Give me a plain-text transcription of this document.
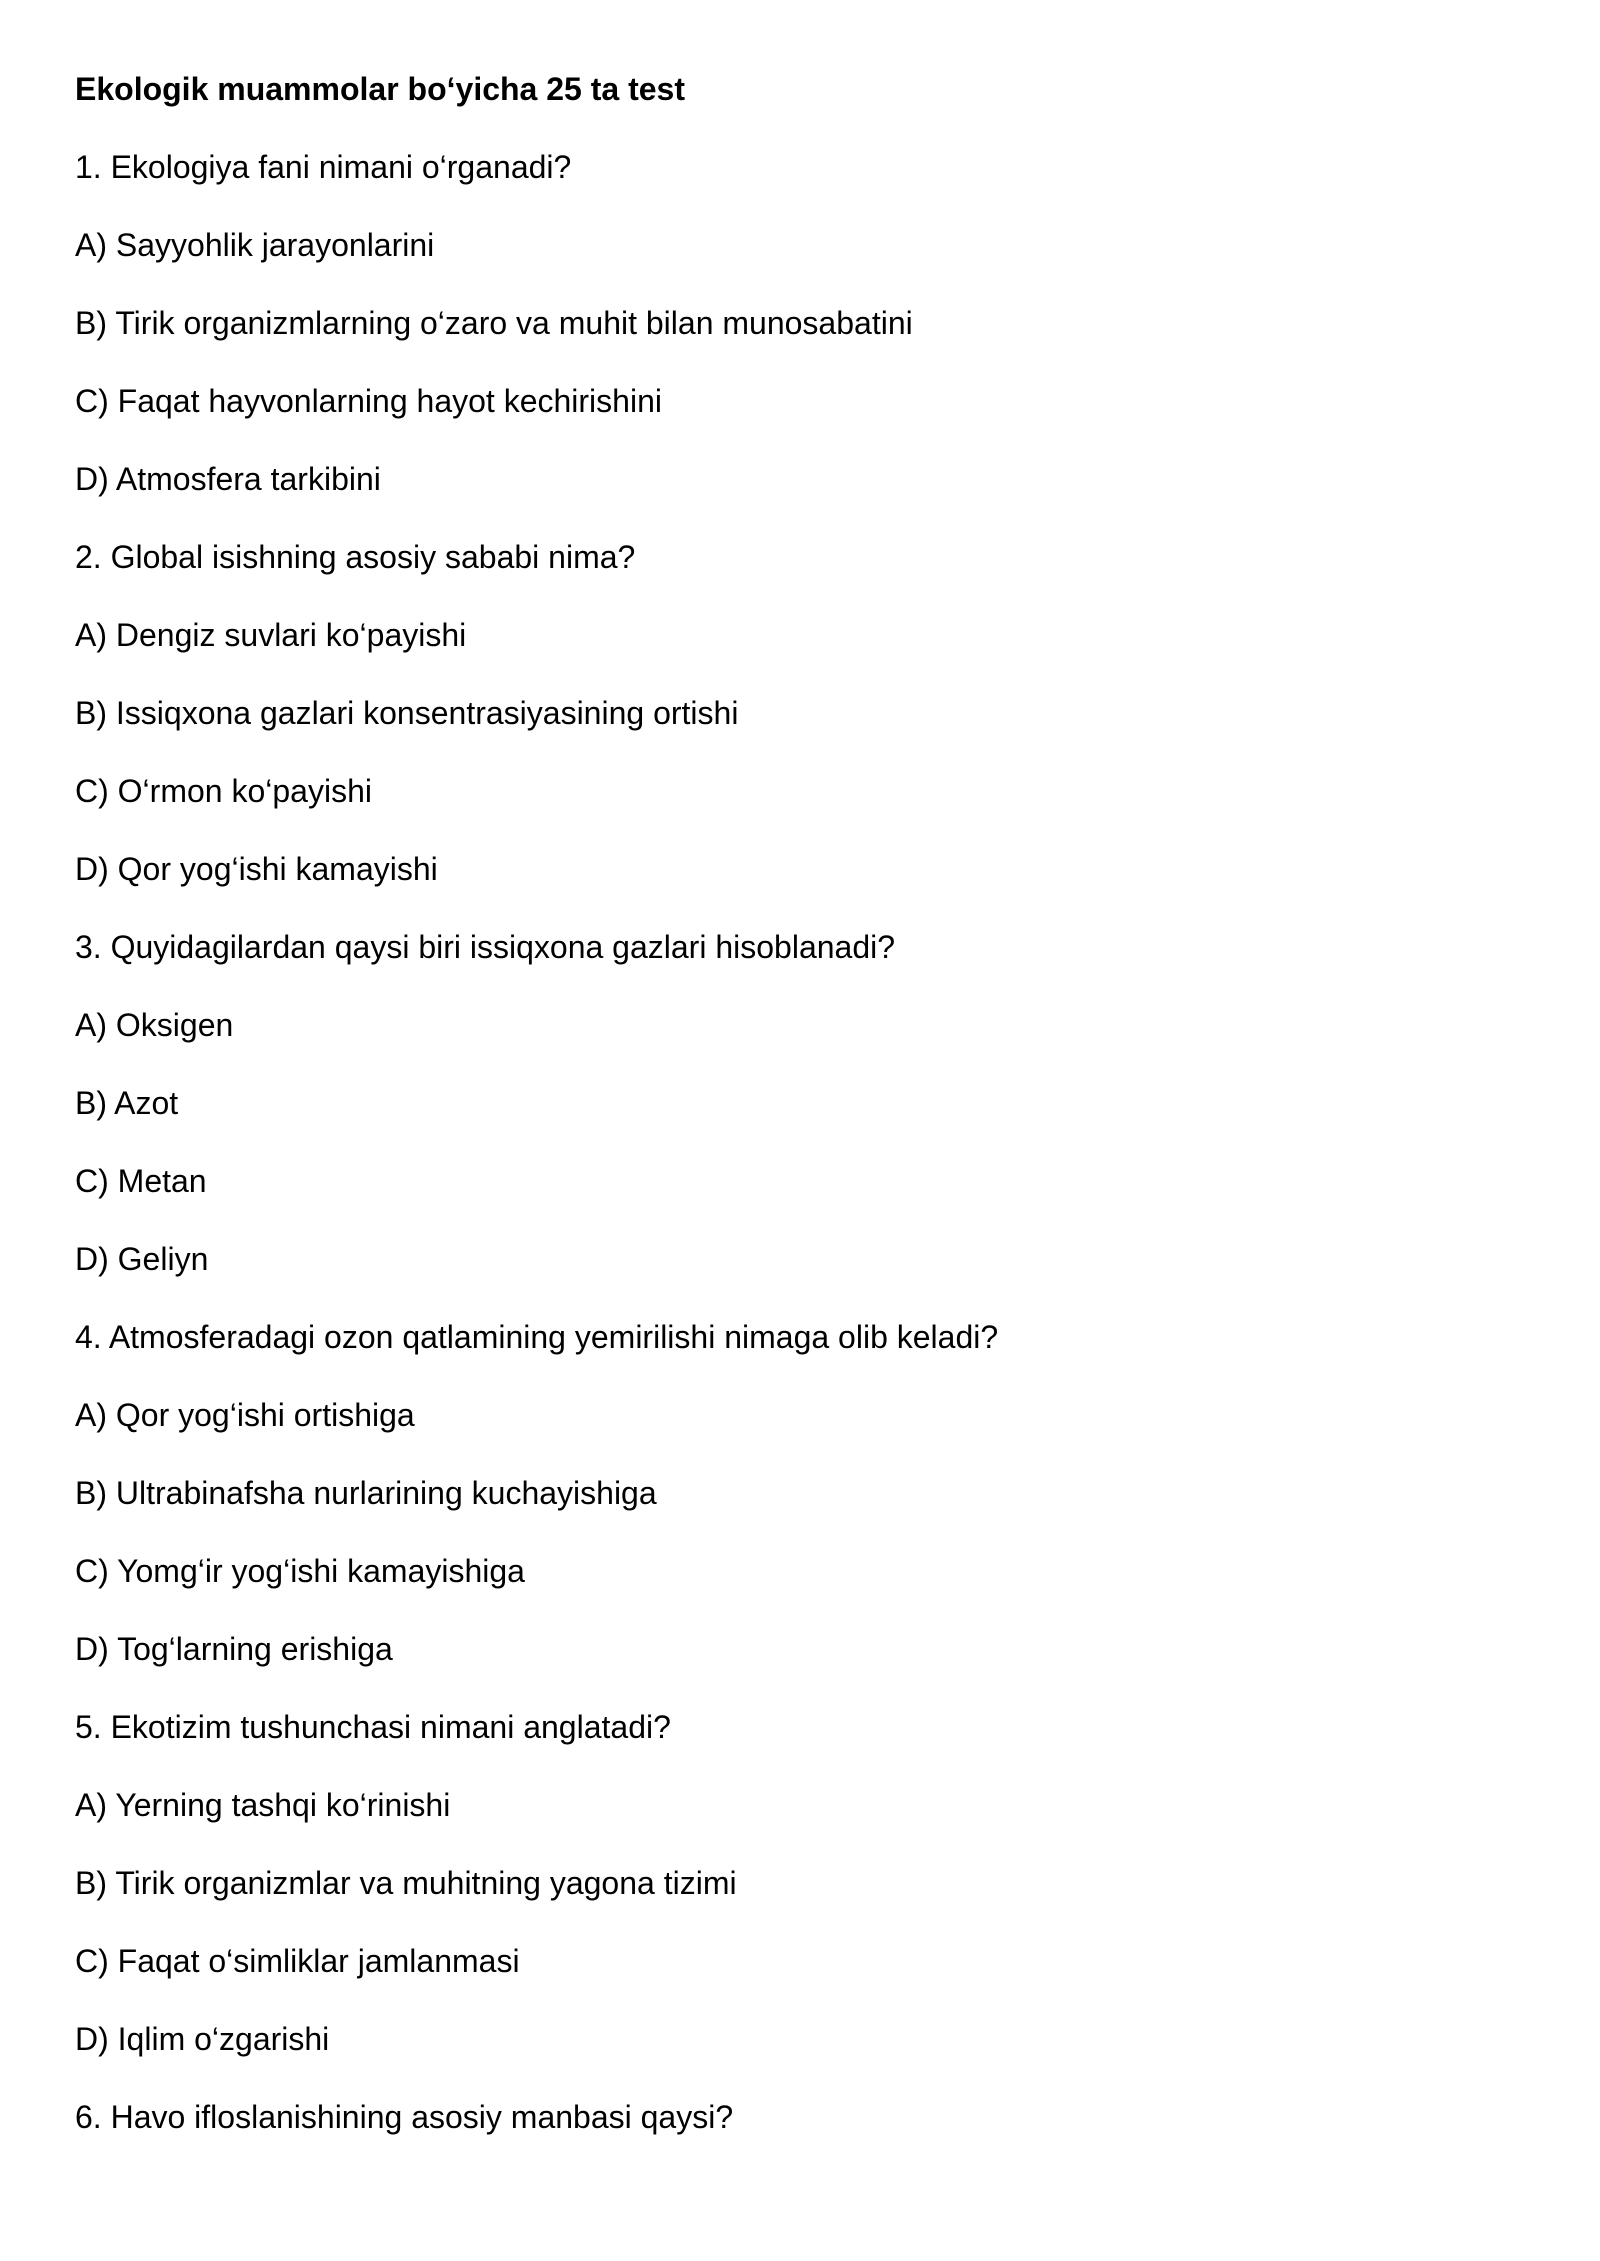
Ekologik muammolar bo‘yicha 25 ta test
1. Ekologiya fani nimani o‘rganadi?
A) Sayyohlik jarayonlarini
B) Tirik organizmlarning o‘zaro va muhit bilan munosabatini
C) Faqat hayvonlarning hayot kechirishini
D) Atmosfera tarkibini
2. Global isishning asosiy sababi nima?
A) Dengiz suvlari ko‘payishi
B) Issiqxona gazlari konsentrasiyasining ortishi
C) O‘rmon ko‘payishi
D) Qor yog‘ishi kamayishi
3. Quyidagilardan qaysi biri issiqxona gazlari hisoblanadi?
A) Oksigen
B) Azot
C) Metan
D) Geliyn
4. Atmosferadagi ozon qatlamining yemirilishi nimaga olib keladi?
A) Qor yog‘ishi ortishiga
B) Ultrabinafsha nurlarining kuchayishiga
C) Yomg‘ir yog‘ishi kamayishiga
D) Tog‘larning erishiga
5. Ekotizim tushunchasi nimani anglatadi?
A) Yerning tashqi ko‘rinishi
B) Tirik organizmlar va muhitning yagona tizimi
C) Faqat o‘simliklar jamlanmasi
D) Iqlim o‘zgarishi
6. Havo ifloslanishining asosiy manbasi qaysi?
